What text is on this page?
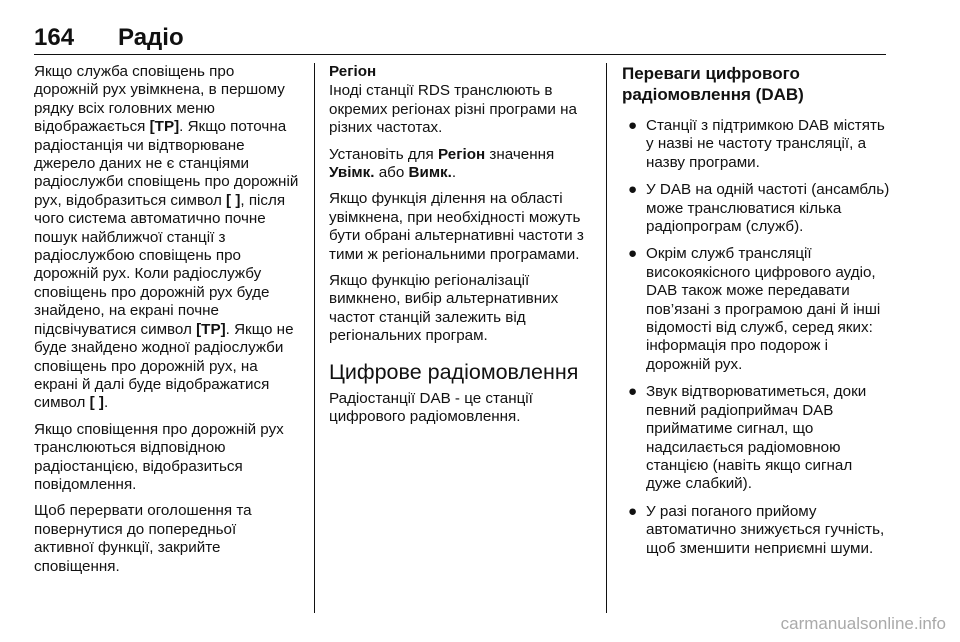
164 Радіо

Якщо служба сповіщень про дорожній рух увімкнена, в першому рядку всіх головних меню відображається [TP]. Якщо поточна радіостанція чи відтворюване джерело даних не є станціями радіослужби сповіщень про дорожній рух, відобразиться символ [ ], після чого система автоматично почне пошук найближчої станції з радіослужбою сповіщень про дорожній рух. Коли радіослужбу сповіщень про дорожній рух буде знайдено, на екрані почне підсвічуватися символ [TP]. Якщо не буде знайдено жодної радіослужби сповіщень про дорожній рух, на екрані й далі буде відображатися символ [ ].

Якщо сповіщення про дорожній рух транслюються відповідною радіостанцією, відобразиться повідомлення.

Щоб перервати оголошення та повернутися до попередньої активної функції, закрийте сповіщення.

Регіон

Іноді станції RDS транслюють в окремих регіонах різні програми на різних частотах.

Установіть для Регіон значення Увімк. або Вимк..

Якщо функція ділення на області увімкнена, при необхідності можуть бути обрані альтернативні частоти з тими ж регіональними програмами.

Якщо функцію регіоналізації вимкнено, вибір альтернативних частот станцій залежить від регіональних програм.

Цифрове радіомовлення

Радіостанції DAB - це станції цифрового радіомовлення.

Переваги цифрового радіомовлення (DAB)
● Станції з підтримкою DAB містять у назві не частоту трансляції, а назву програми.
● У DAB на одній частоті (ансамбль) може транслюватися кілька радіопрограм (служб).
● Окрім служб трансляції високоякісного цифрового аудіо, DAB також може передавати пов’язані з програмою дані й інші відомості від служб, серед яких: інформація про подорож і дорожній рух.
● Звук відтворюватиметься, доки певний радіоприймач DAB прийматиме сигнал, що надсилається радіомовною станцією (навіть якщо сигнал дуже слабкий).
● У разі поганого прийому автоматично знижується гучність, щоб зменшити неприємні шуми.
carmanualsonline.info
